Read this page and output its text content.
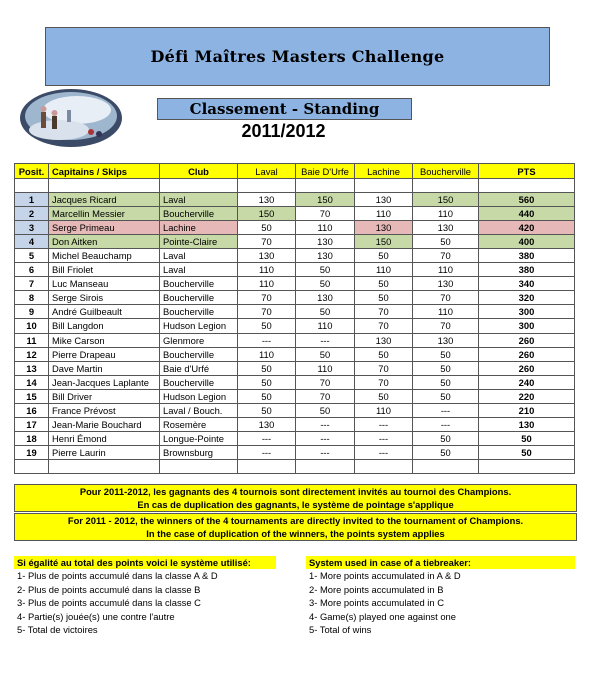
Défi Maîtres Masters Challenge
Classement - Standing
2011/2012
Posit.	Capitains / Skips	Club	Laval	Baie D'Urfe	Lachine	Boucherville	PTS

1	Jacques Ricard	Laval	130	150	130	150	560
2	Marcellin Messier	Boucherville	150	70	110	110	440
3	Serge Primeau	Lachine	50	110	130	130	420
4	Don Aitken	Pointe-Claire	70	130	150	50	400
5	Michel Beauchamp	Laval	130	130	50	70	380
6	Bill Friolet	Laval	110	50	110	110	380
7	Luc Manseau	Boucherville	110	50	50	130	340
8	Serge Sirois	Boucherville	70	130	50	70	320
9	André Guilbeault	Boucherville	70	50	70	110	300
10	Bill Langdon	Hudson Legion	50	110	70	70	300
11	Mike Carson	Glenmore	---	---	130	130	260
12	Pierre Drapeau	Boucherville	110	50	50	50	260
13	Dave Martin	Baie d'Urfé	50	110	70	50	260
14	Jean-Jacques Laplante	Boucherville	50	70	70	50	240
15	Bill Driver	Hudson Legion	50	70	50	50	220
16	France Prévost	Laval / Bouch.	50	50	110	---	210
17	Jean-Marie Bouchard	Rosemère	130	---	---	---	130
18	Henri Émond	Longue-Pointe	---	---	---	50	50
19	Pierre Laurin	Brownsburg	---	---	---	50	50

Pour 2011-2012, les gagnants des 4 tournois sont directement invités au tournoi des Champions.
En cas de duplication des gagnants, le système de pointage s'applique
For 2011 - 2012, the winners of the 4 tournaments are directly invited to the tournament of Champions.
In the case of duplication of the winners, the points system applies
Si égalité au total des points voici le système utilisé:
1- Plus de points accumulé dans la classe A & D
2- Plus de points accumulé dans la classe B
3- Plus de points accumulé dans la classe C
4- Partie(s) jouée(s) une contre l'autre
5- Total de victoires
System used in case of a tiebreaker:
1- More points accumulated in A & D
2- More points accumulated in B
3- More points accumulated in C
4- Game(s) played one against one
5- Total of wins
